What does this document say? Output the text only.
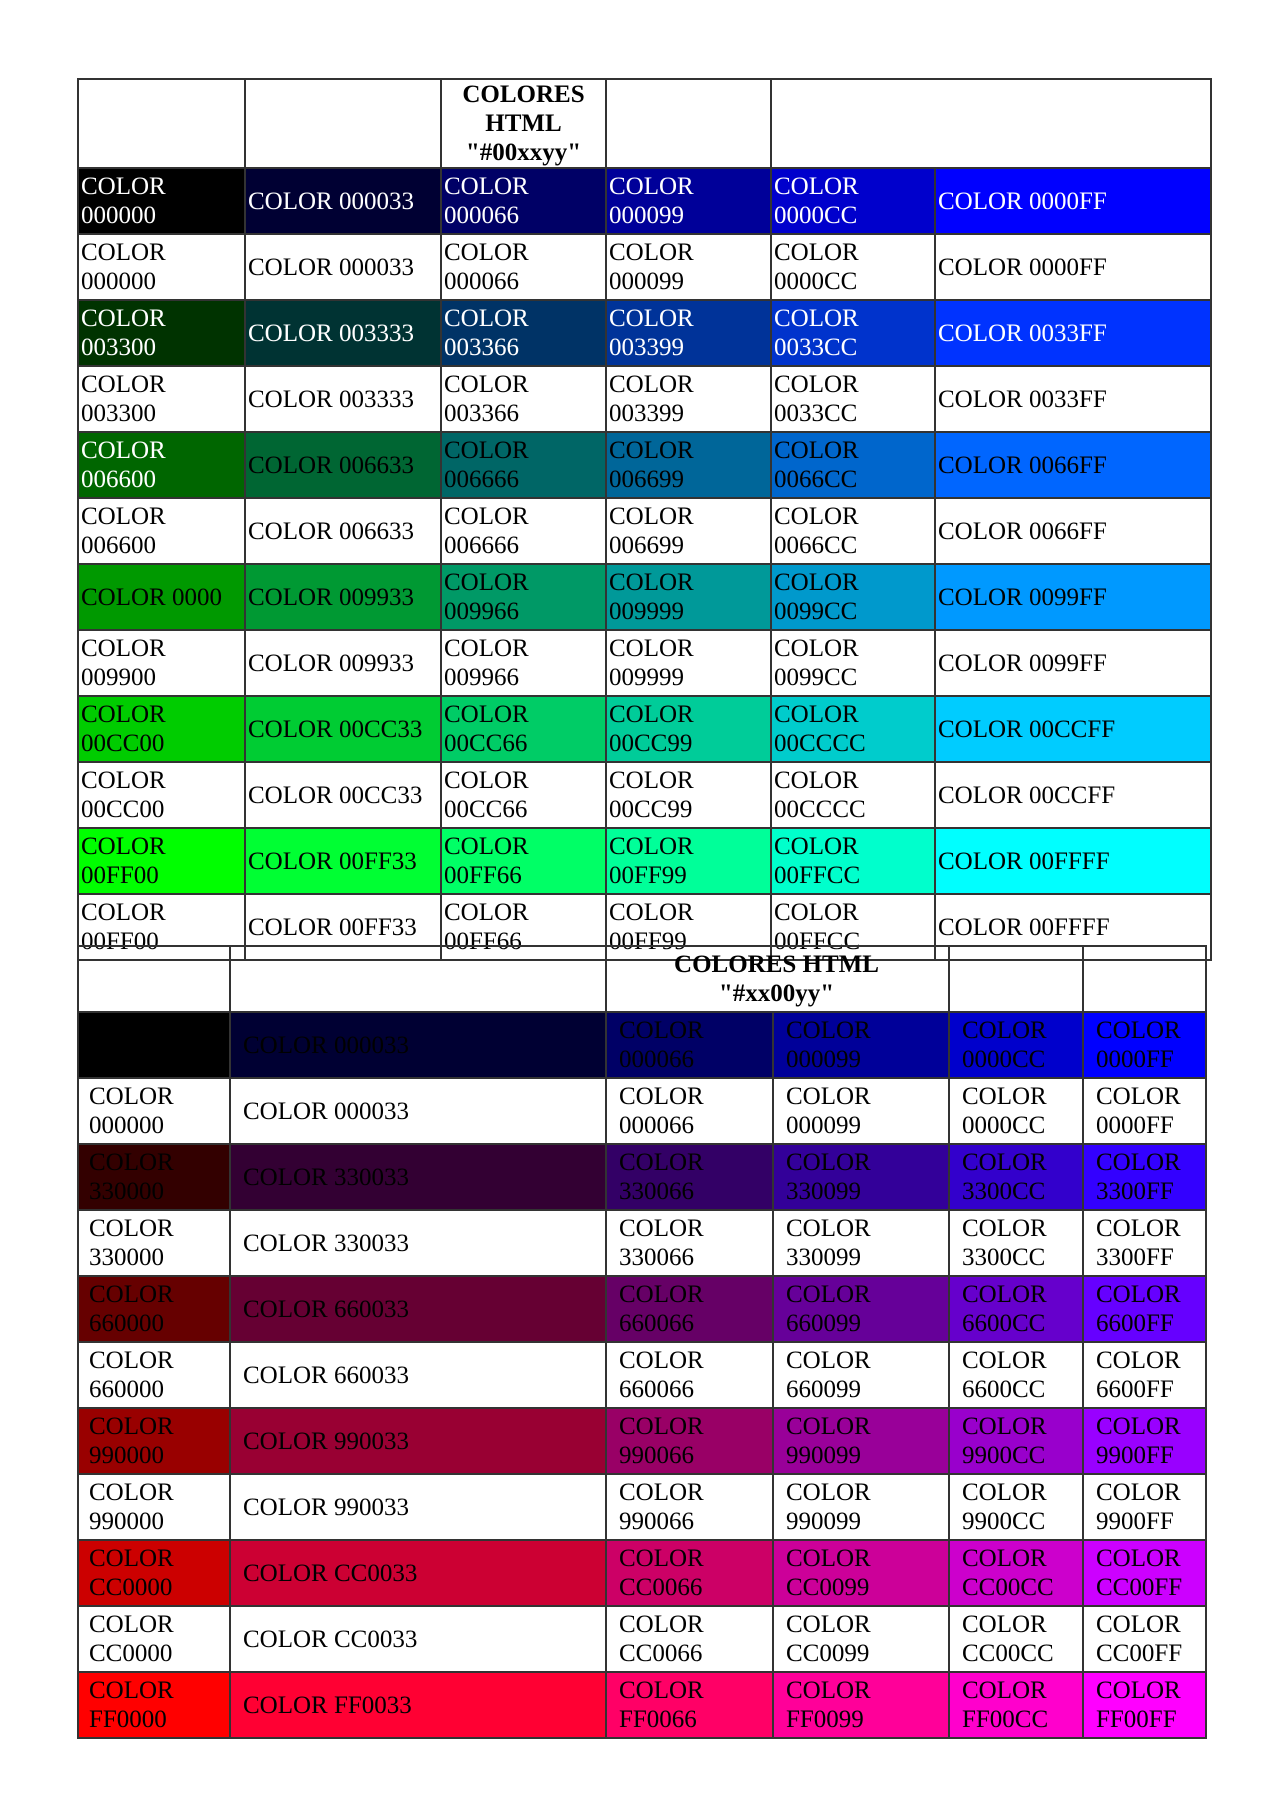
		COLORES HTML
"#00xxyy"			

COLOR 000000	COLOR 000033	COLOR 000066	COLOR 000099	COLOR 0000CC	COLOR 0000FF
COLOR 000000	COLOR 000033	COLOR 000066	COLOR 000099	COLOR 0000CC	COLOR 0000FF
COLOR 003300	COLOR 003333	COLOR 003366	COLOR 003399	COLOR 0033CC	COLOR 0033FF
COLOR 003300	COLOR 003333	COLOR 003366	COLOR 003399	COLOR 0033CC	COLOR 0033FF
COLOR 006600	COLOR 006633	COLOR 006666	COLOR 006699	COLOR 0066CC	COLOR 0066FF
COLOR 006600	COLOR 006633	COLOR 006666	COLOR 006699	COLOR 0066CC	COLOR 0066FF
COLOR 0000	COLOR 009933	COLOR 009966	COLOR 009999	COLOR 0099CC	COLOR 0099FF
COLOR 009900	COLOR 009933	COLOR 009966	COLOR 009999	COLOR 0099CC	COLOR 0099FF
COLOR 00CC00	COLOR 00CC33	COLOR 00CC66	COLOR 00CC99	COLOR 00CCCC	COLOR 00CCFF
COLOR 00CC00	COLOR 00CC33	COLOR 00CC66	COLOR 00CC99	COLOR 00CCCC	COLOR 00CCFF
COLOR 00FF00	COLOR 00FF33	COLOR 00FF66	COLOR 00FF99	COLOR 00FFCC	COLOR 00FFFF
COLOR 00FF00	COLOR 00FF33	COLOR 00FF66	COLOR 00FF99	COLOR 00FFCC	COLOR 00FFFF

		COLORES HTML
"#xx00yy"			

	COLOR 000033	COLOR 000066	COLOR 000099	COLOR 0000CC	COLOR 0000FF
COLOR 000000	COLOR 000033	COLOR 000066	COLOR 000099	COLOR 0000CC	COLOR 0000FF
COLOR 330000	COLOR 330033	COLOR 330066	COLOR 330099	COLOR 3300CC	COLOR 3300FF
COLOR 330000	COLOR 330033	COLOR 330066	COLOR 330099	COLOR 3300CC	COLOR 3300FF
COLOR 660000	COLOR 660033	COLOR 660066	COLOR 660099	COLOR 6600CC	COLOR 6600FF
COLOR 660000	COLOR 660033	COLOR 660066	COLOR 660099	COLOR 6600CC	COLOR 6600FF
COLOR 990000	COLOR 990033	COLOR 990066	COLOR 990099	COLOR 9900CC	COLOR 9900FF
COLOR 990000	COLOR 990033	COLOR 990066	COLOR 990099	COLOR 9900CC	COLOR 9900FF
COLOR CC0000	COLOR CC0033	COLOR CC0066	COLOR CC0099	COLOR CC00CC	COLOR CC00FF
COLOR CC0000	COLOR CC0033	COLOR CC0066	COLOR CC0099	COLOR CC00CC	COLOR CC00FF
COLOR FF0000	COLOR FF0033	COLOR FF0066	COLOR FF0099	COLOR FF00CC	COLOR FF00FF
